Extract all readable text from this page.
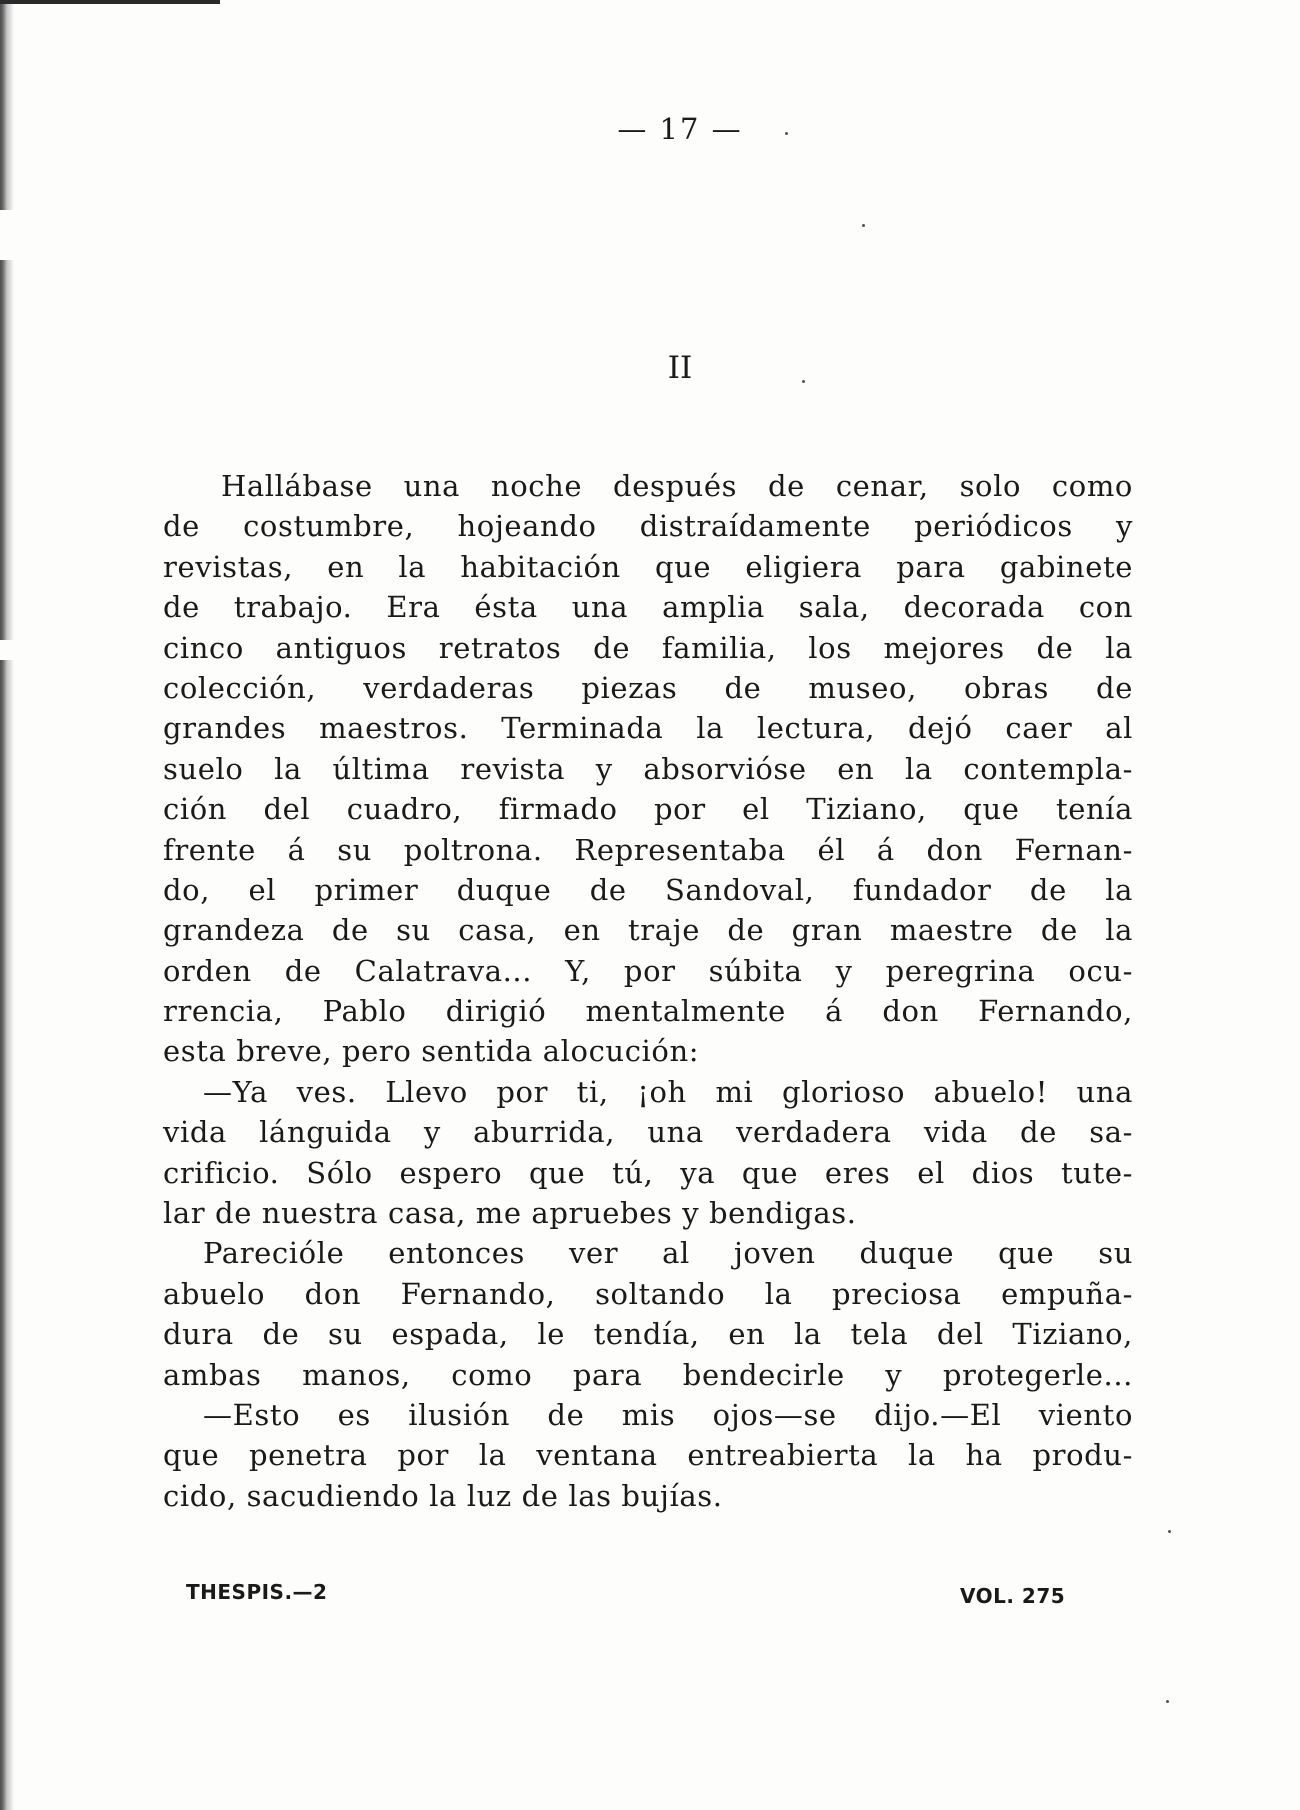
— 17 —
II
Hallábase una noche después de cenar, solo como
de costumbre, hojeando distraídamente periódicos y
revistas, en la habitación que eligiera para gabinete
de trabajo. Era ésta una amplia sala, decorada con
cinco antiguos retratos de familia, los mejores de la
colección, verdaderas piezas de museo, obras de
grandes maestros. Terminada la lectura, dejó caer al
suelo la última revista y absorvióse en la contempla-
ción del cuadro, firmado por el Tiziano, que tenía
frente á su poltrona. Representaba él á don Fernan-
do, el primer duque de Sandoval, fundador de la
grandeza de su casa, en traje de gran maestre de la
orden de Calatrava... Y, por súbita y peregrina ocu-
rrencia, Pablo dirigió mentalmente á don Fernando,
esta breve, pero sentida alocución:
—Ya ves. Llevo por ti, ¡oh mi glorioso abuelo! una
vida lánguida y aburrida, una verdadera vida de sa-
crificio. Sólo espero que tú, ya que eres el dios tute-
lar de nuestra casa, me apruebes y bendigas.
Parecióle entonces ver al joven duque que su
abuelo don Fernando, soltando la preciosa empuña-
dura de su espada, le tendía, en la tela del Tiziano,
ambas manos, como para bendecirle y protegerle...
—Esto es ilusión de mis ojos—se dijo.—El viento
que penetra por la ventana entreabierta la ha produ-
cido, sacudiendo la luz de las bujías.
THESPIS.—2	VOL. 275
